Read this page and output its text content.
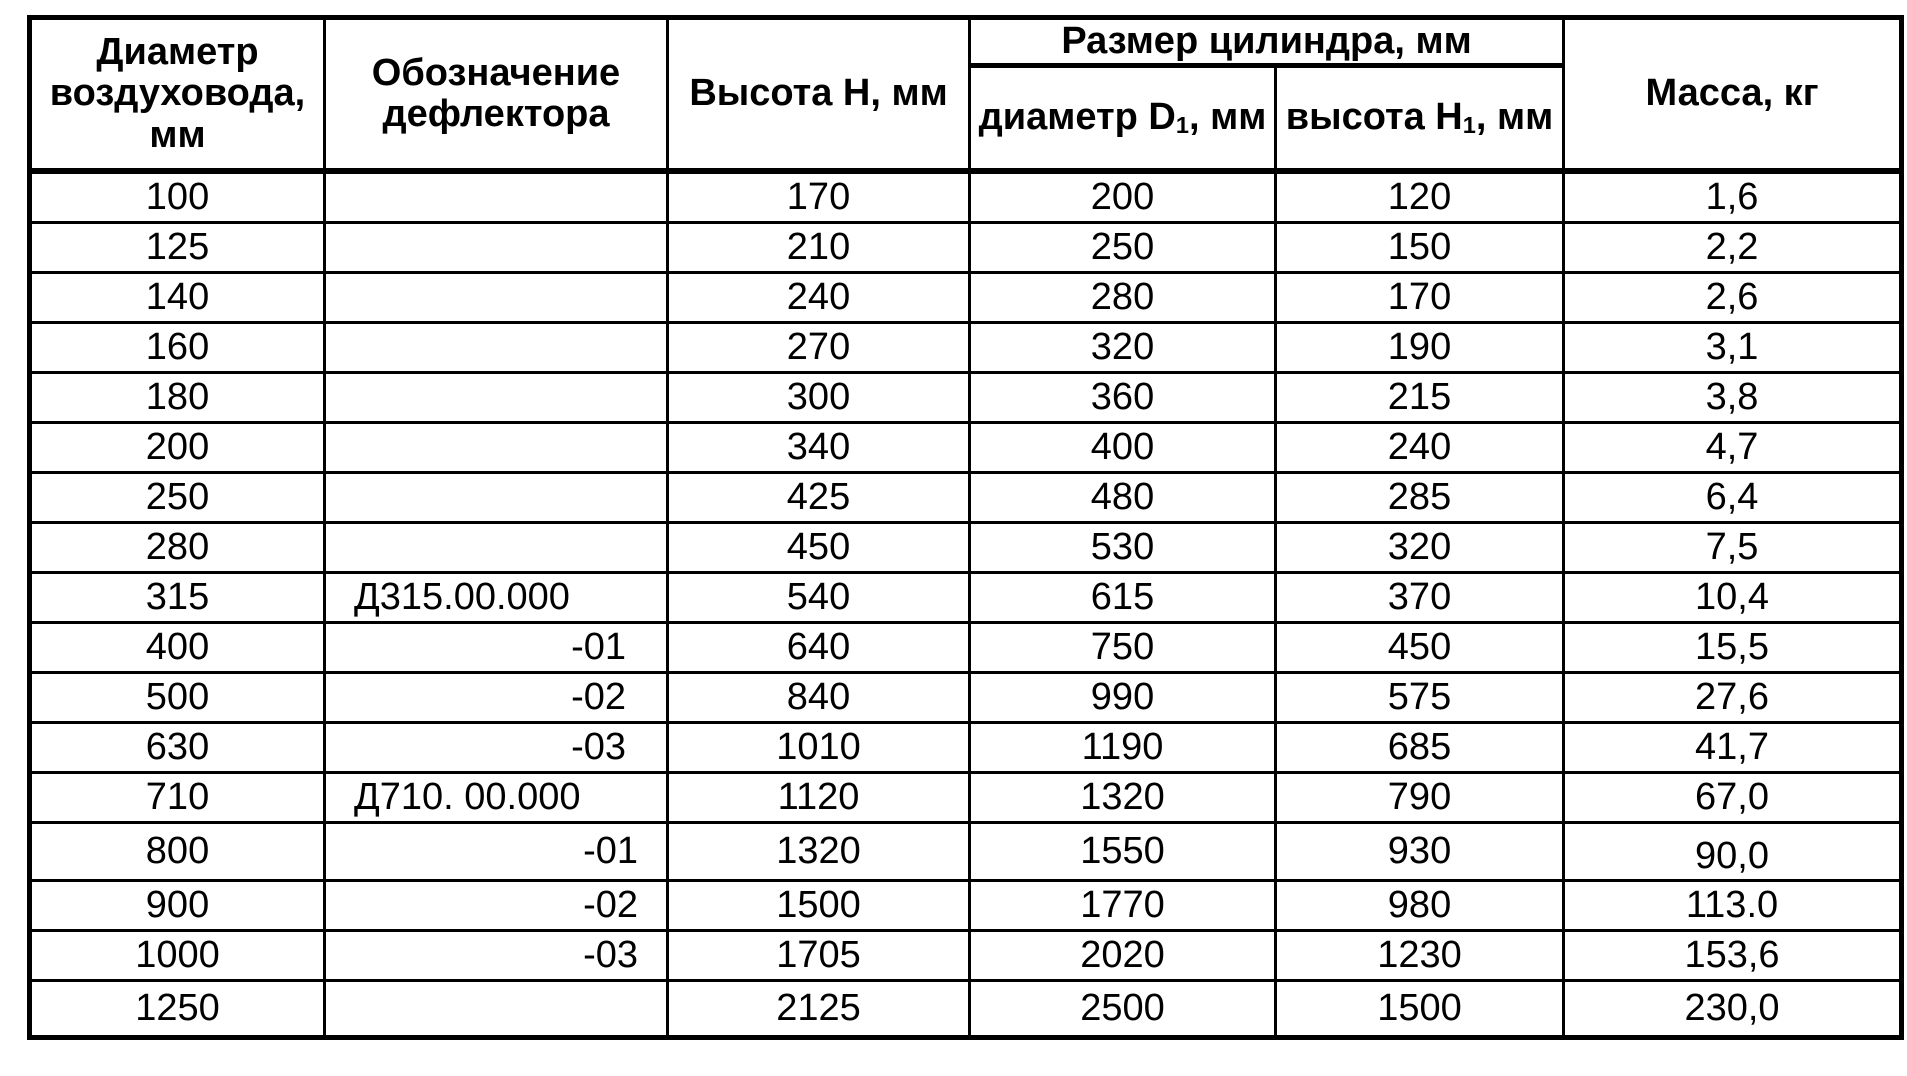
Диаметр воздуховода, мм	Обозначение дефлектора	Высота H, мм	Размер цилиндра, мм		Масса, кг
			диаметр $D_1$, мм	высота $H_1$, мм	
100		170	200	120	1,6
125		210	250	150	2,2
140		240	280	170	2,6
160		270	320	190	3,1
180		300	360	215	3,8
200		340	400	240	4,7
250		425	480	285	6,4
280		450	530	320	7,5
315	Д315.00.000	540	615	370	10,4
400	-01	640	750	450	15,5
500	-02	840	990	575	27,6
630	-03	1010	1190	685	41,7
710	Д710. 00.000	1120	1320	790	67,0
800	-01	1320	1550	930	90,0
900	-02	1500	1770	980	113.0
1000	-03	1705	2020	1230	153,6
1250		2125	2500	1500	230,0
